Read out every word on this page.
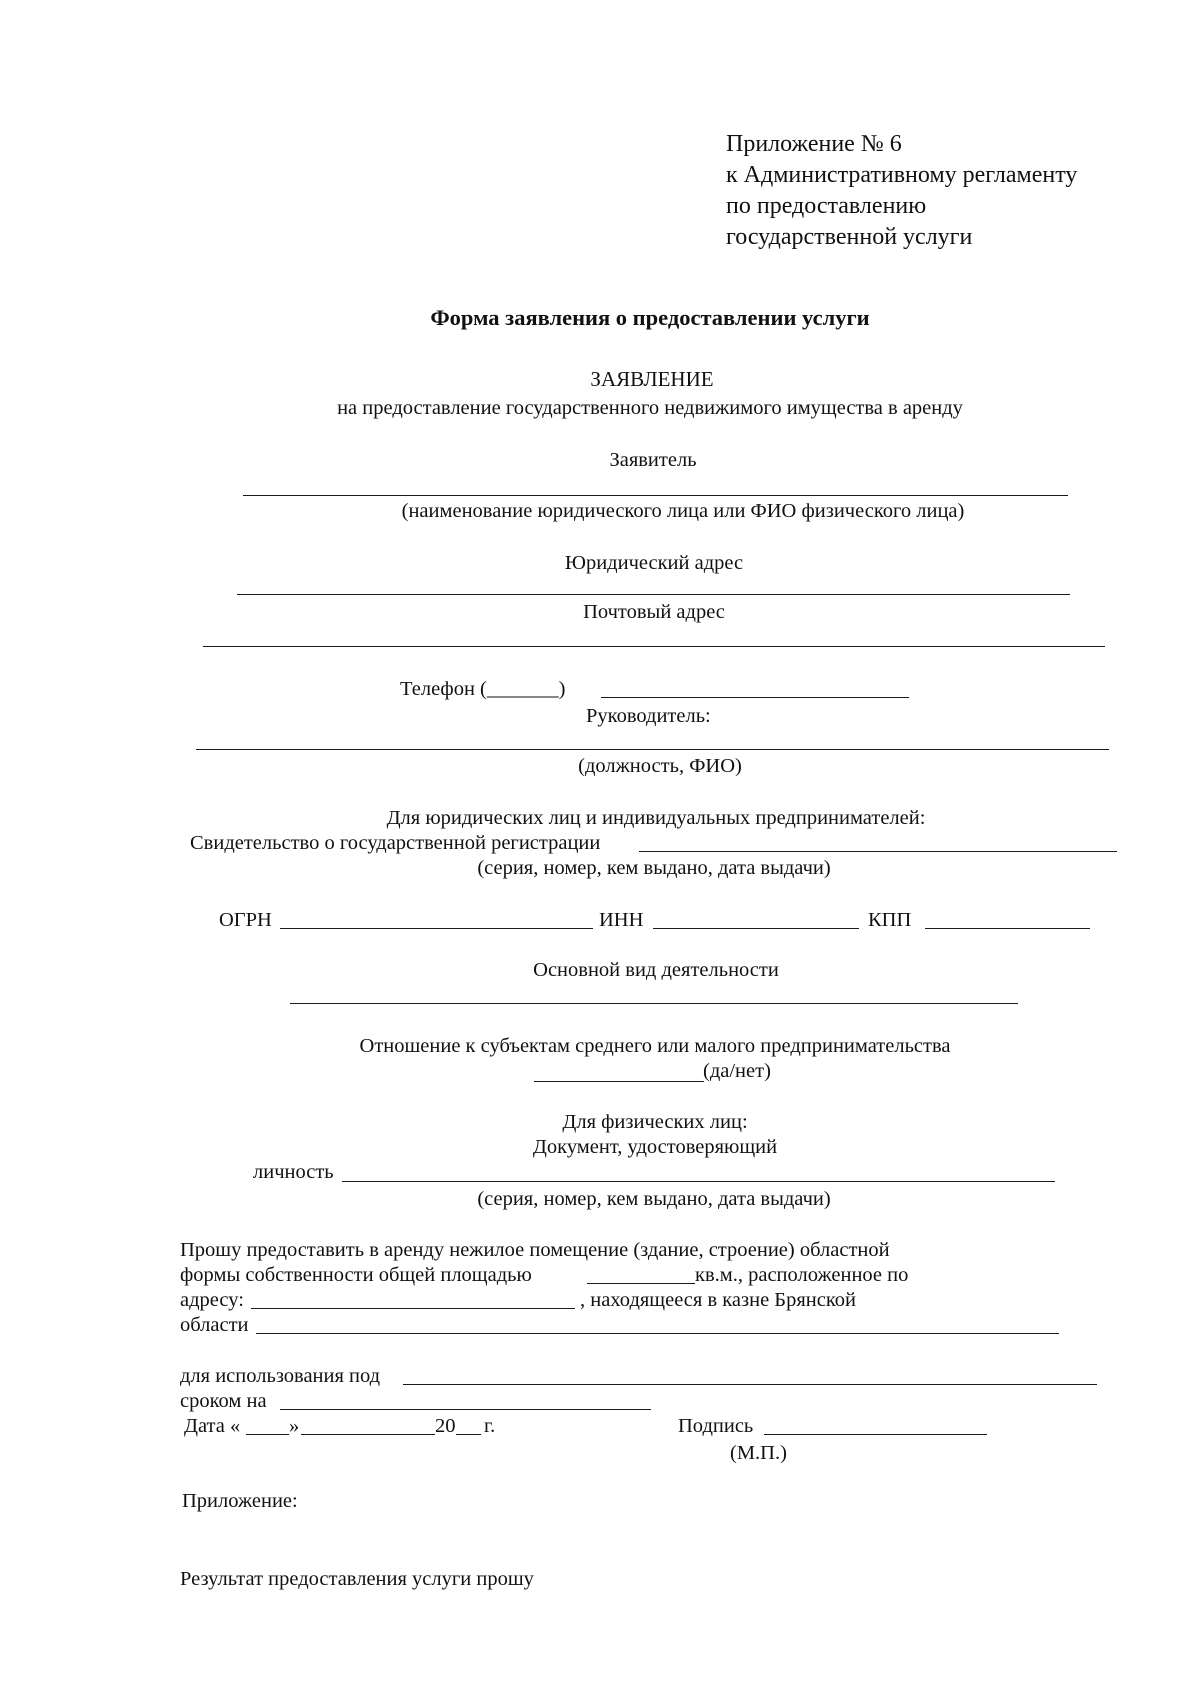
Приложение № 6
к Административному регламенту
по предоставлению
государственной услуги
Форма заявления о предоставлении услуги
ЗАЯВЛЕНИЕ
на предоставление государственного недвижимого имущества в аренду
Заявитель
(наименование юридического лица или ФИО физического лица)
Юридический адрес
Почтовый адрес
Телефон (_______)
Руководитель:
(должность, ФИО)
Для юридических лиц и индивидуальных предпринимателей:
Свидетельство о государственной регистрации
(серия, номер, кем выдано, дата выдачи)
ОГРН	ИНН	КПП
Основной вид деятельности
Отношение к субъектам среднего или малого предпринимательства
(да/нет)
Для физических лиц:
Документ, удостоверяющий
личность
(серия, номер, кем выдано, дата выдачи)
Прошу предоставить в аренду нежилое помещение (здание, строение) областной
формы собственности общей площадью	кв.м., расположенное по
адресу:	, находящееся в казне Брянской
области
для использования под
сроком на
Дата « »	20 г.	Подпись
(М.П.)
Приложение:
Результат предоставления услуги прошу
